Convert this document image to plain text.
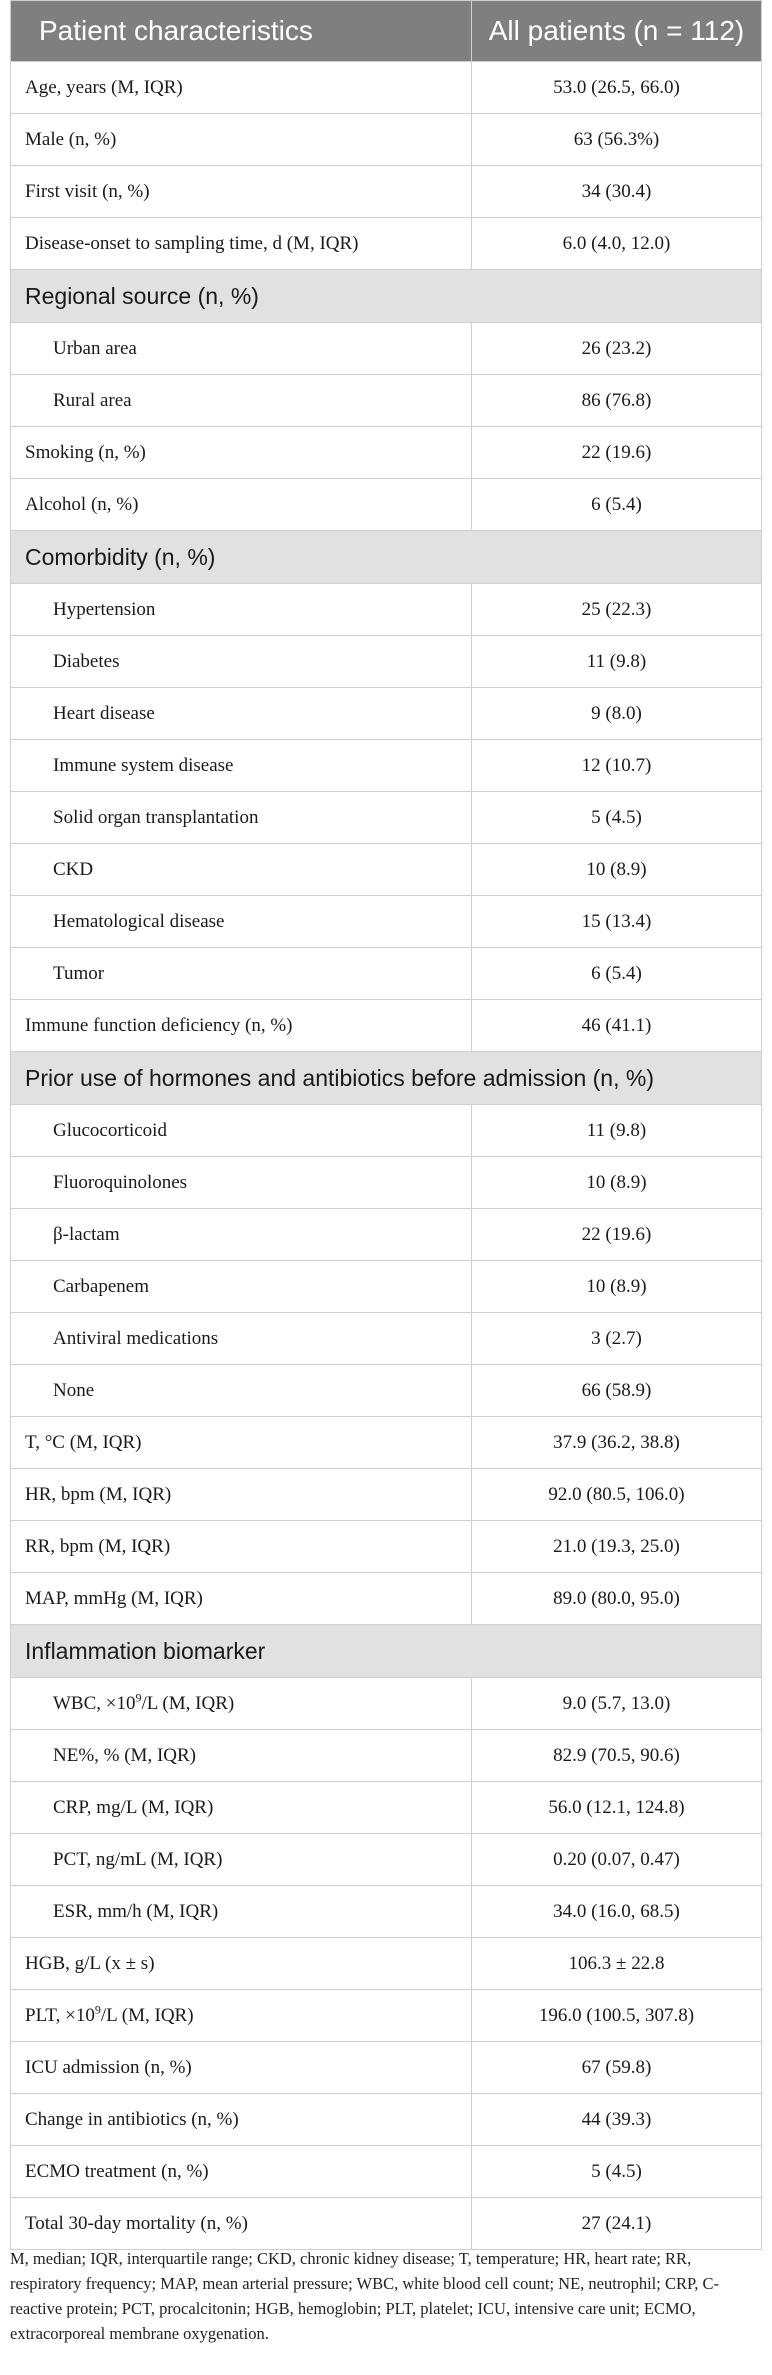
Patient characteristics	All patients (n = 112)
Age, years (M, IQR)	53.0 (26.5, 66.0)
Male (n, %)	63 (56.3%)
First visit (n, %)	34 (30.4)
Disease-onset to sampling time, d (M, IQR)	6.0 (4.0, 12.0)
Regional source (n, %)	
Urban area	26 (23.2)
Rural area	86 (76.8)
Smoking (n, %)	22 (19.6)
Alcohol (n, %)	6 (5.4)
Comorbidity (n, %)	
Hypertension	25 (22.3)
Diabetes	11 (9.8)
Heart disease	9 (8.0)
Immune system disease	12 (10.7)
Solid organ transplantation	5 (4.5)
CKD	10 (8.9)
Hematological disease	15 (13.4)
Tumor	6 (5.4)
Immune function deficiency (n, %)	46 (41.1)
Prior use of hormones and antibiotics before admission (n, %)	
Glucocorticoid	11 (9.8)
Fluoroquinolones	10 (8.9)
β-lactam	22 (19.6)
Carbapenem	10 (8.9)
Antiviral medications	3 (2.7)
None	66 (58.9)
T, °C (M, IQR)	37.9 (36.2, 38.8)
HR, bpm (M, IQR)	92.0 (80.5, 106.0)
RR, bpm (M, IQR)	21.0 (19.3, 25.0)
MAP, mmHg (M, IQR)	89.0 (80.0, 95.0)
Inflammation biomarker	
WBC, $\times 10^9/L$ (M, IQR)	9.0 (5.7, 13.0)
NE%, % (M, IQR)	82.9 (70.5, 90.6)
CRP, mg/L (M, IQR)	56.0 (12.1, 124.8)
PCT, ng/mL (M, IQR)	0.20 (0.07, 0.47)
ESR, mm/h (M, IQR)	34.0 (16.0, 68.5)
HGB, g/L (x ± s)	106.3 ± 22.8
PLT, $\times 10^9/L$ (M, IQR)	196.0 (100.5, 307.8)
ICU admission (n, %)	67 (59.8)
Change in antibiotics (n, %)	44 (39.3)
ECMO treatment (n, %)	5 (4.5)
Total 30-day mortality (n, %)	27 (24.1)
M, median; IQR, interquartile range; CKD, chronic kidney disease; T, temperature; HR, heart rate; RR, respiratory frequency; MAP, mean arterial pressure; WBC, white blood cell count; NE, neutrophil; CRP, C-reactive protein; PCT, procalcitonin; HGB, hemoglobin; PLT, platelet; ICU, intensive care unit; ECMO, extracorporeal membrane oxygenation.
